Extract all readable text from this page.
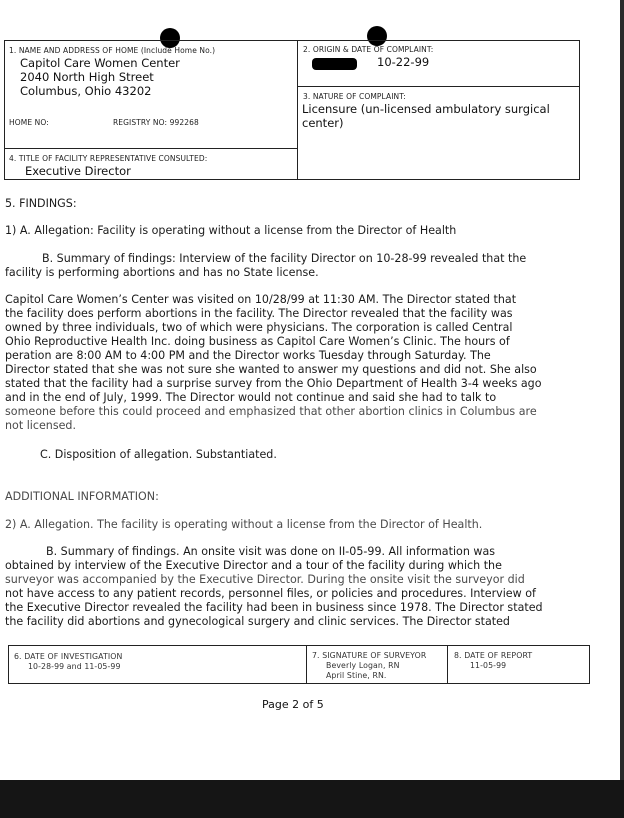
1. NAME AND ADDRESS OF HOME (Include Home No.)
Capitol Care Women Center
2040 North High Street
Columbus, Ohio 43202
HOME NO:	REGISTRY NO: 992268
2. ORIGIN & DATE OF COMPLAINT:
10-22-99
3. NATURE OF COMPLAINT:
Licensure (un-licensed ambulatory surgical
center)
4. TITLE OF FACILITY REPRESENTATIVE CONSULTED:
Executive Director
5. FINDINGS:
1) A. Allegation: Facility is operating without a license from the Director of Health
B. Summary of findings: Interview of the facility Director on 10-28-99 revealed that the
facility is performing abortions and has no State license.
Capitol Care Women’s Center was visited on 10/28/99 at 11:30 AM. The Director stated that
the facility does perform abortions in the facility. The Director revealed that the facility was
owned by three individuals, two of which were physicians. The corporation is called Central
Ohio Reproductive Health Inc. doing business as Capitol Care Women’s Clinic. The hours of
peration are 8:00 AM to 4:00 PM and the Director works Tuesday through Saturday. The
Director stated that she was not sure she wanted to answer my questions and did not. She also
stated that the facility had a surprise survey from the Ohio Department of Health 3-4 weeks ago
and in the end of July, 1999. The Director would not continue and said she had to talk to
someone before this could proceed and emphasized that other abortion clinics in Columbus are
not licensed.
C. Disposition of allegation. Substantiated.
ADDITIONAL INFORMATION:
2) A. Allegation. The facility is operating without a license from the Director of Health.
B. Summary of findings. An onsite visit was done on II-05-99. All information was
obtained by interview of the Executive Director and a tour of the facility during which the
surveyor was accompanied by the Executive Director. During the onsite visit the surveyor did
not have access to any patient records, personnel files, or policies and procedures. Interview of
the Executive Director revealed the facility had been in business since 1978. The Director stated
the facility did abortions and gynecological surgery and clinic services. The Director stated
6. DATE OF INVESTIGATION
10-28-99 and 11-05-99
7. SIGNATURE OF SURVEYOR
Beverly Logan, RN
April Stine, RN.
8. DATE OF REPORT
11-05-99
Page 2 of 5
